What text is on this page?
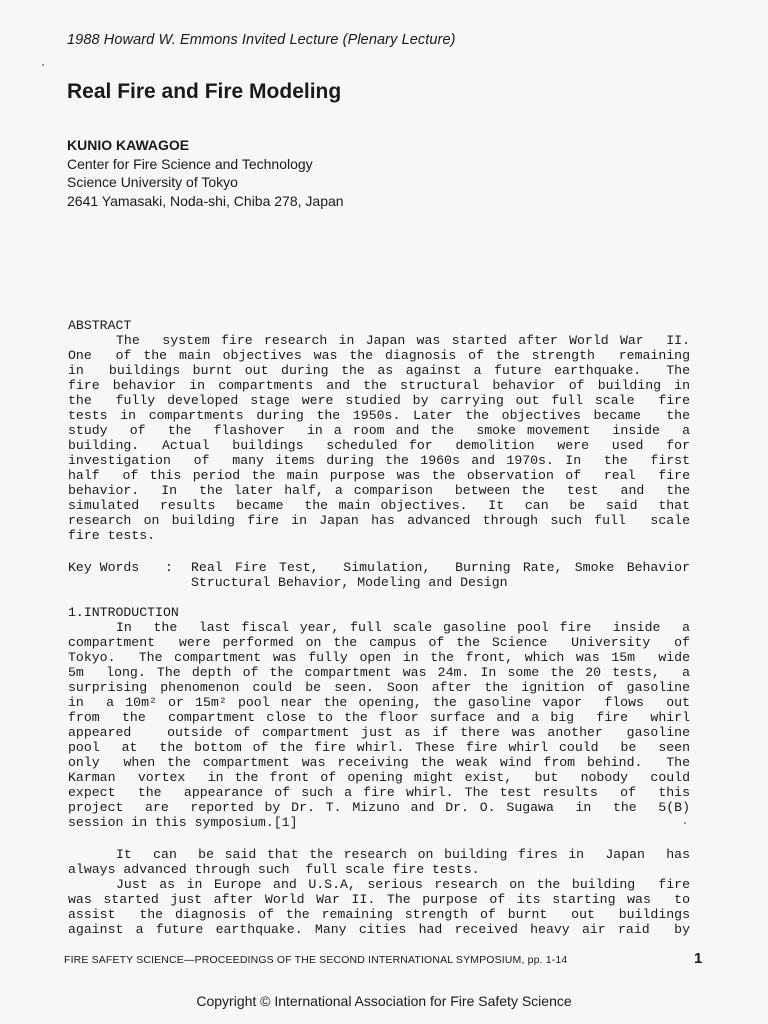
1988 Howard W. Emmons Invited Lecture (Plenary Lecture)
Real Fire and Fire Modeling
KUNIO KAWAGOE
Center for Fire Science and Technology
Science University of Tokyo
2641 Yamasaki, Noda-shi, Chiba 278, Japan
ABSTRACT
The  system fire research in Japan was started after World War  II.
One  of the main objectives was the diagnosis of the strength  remaining
in  buildings burnt out during the as against a future earthquake.  The
fire behavior in compartments and the structural behavior of building in
the  fully developed stage were studied by carrying out full scale  fire
tests in compartments during the 1950s. Later the objectives became  the
study  of  the  flashover  in a room and the  smoke movement  inside  a
building.  Actual  buildings  scheduled for  demolition  were  used  for
investigation  of  many items during the 1960s and 1970s. In  the  first
half  of this period the main purpose was the observation of  real  fire
behavior.  In  the later half, a comparison  between the  test  and  the
simulated  results  became  the main objectives.  It  can  be  said  that
research on building fire in Japan has advanced through such full  scale
fire tests.
Key Words : Real Fire Test,  Simulation,  Burning Rate, Smoke Behavior
Structural Behavior, Modeling and Design
1.INTRODUCTION
In  the  last fiscal year, full scale gasoline pool fire  inside  a
compartment  were performed on the campus of the Science  University  of
Tokyo.  The compartment was fully open in the front, which was 15m  wide
5m  long. The depth of the compartment was 24m. In some the 20 tests,  a
surprising phenomenon could be seen. Soon after the ignition of gasoline
in  a 10m² or 15m² pool near the opening, the gasoline vapor  flows  out
from  the  compartment close to the floor surface and a big  fire  whirl
appeared   outside of compartment just as if there was another  gasoline
pool  at  the bottom of the fire whirl. These fire whirl could  be  seen
only  when the compartment was receiving the weak wind from behind.  The
Karman  vortex  in the front of opening might exist,  but  nobody  could
expect  the  appearance of such a fire whirl. The test results  of  this
project  are  reported by Dr. T. Mizuno and Dr. O. Sugawa  in  the  5(B)
session in this symposium.[1]
It  can  be said that the research on building fires in  Japan  has
always advanced through such  full scale fire tests.
Just as in Europe and U.S.A, serious research on the building  fire
was started just after World War II. The purpose of its starting was  to
assist  the diagnosis of the remaining strength of burnt  out  buildings
against a future earthquake. Many cities had received heavy air raid  by
FIRE SAFETY SCIENCE—PROCEEDINGS OF THE SECOND INTERNATIONAL SYMPOSIUM, pp. 1-14	1
Copyright © International Association for Fire Safety Science
